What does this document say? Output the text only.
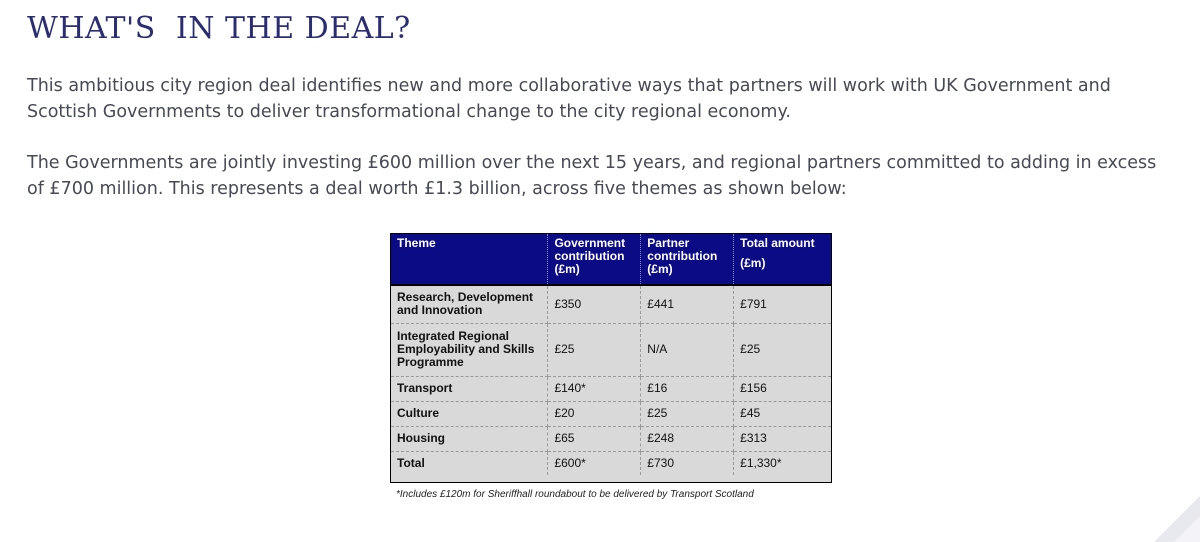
WHAT'S  IN THE DEAL?

This ambitious city region deal identifies new and more collaborative ways that partners will work with UK Government and Scottish Governments to deliver transformational change to the city regional economy.

The Governments are jointly investing £600 million over the next 15 years, and regional partners committed to adding in excess of £700 million. This represents a deal worth £1.3 billion, across five themes as shown below:

Theme	Government contribution (£m)	Partner contribution (£m)	Total amount
(£m)

Research, Development and Innovation	£350	£441	£791
Integrated Regional Employability and Skills Programme	£25	N/A	£25
Transport	£140*	£16	£156
Culture	£20	£25	£45
Housing	£65	£248	£313
Total	£600*	£730	£1,330*

*Includes £120m for Sheriffhall roundabout to be delivered by Transport Scotland
